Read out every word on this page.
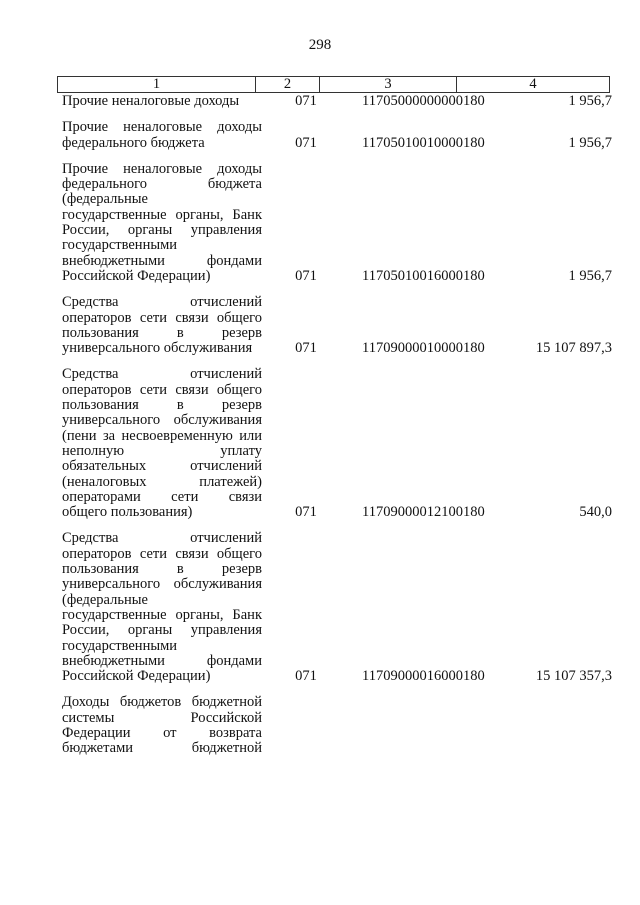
298
1	2	3	4
Прочие неналоговые доходы	071	11705000000000180	1 956,7
Прочие неналоговые доходы
федерального бюджета	071	11705010010000180	1 956,7
Прочие неналоговые доходы
федерального бюджета
(федеральные
государственные органы, Банк
России, органы управления
государственными
внебюджетными фондами
Российской Федерации)	071	11705010016000180	1 956,7
Средства отчислений
операторов сети связи общего
пользования в резерв
универсального обслуживания	071	11709000010000180	15 107 897,3
Средства отчислений
операторов сети связи общего
пользования в резерв
универсального обслуживания
(пени за несвоевременную или
неполную уплату
обязательных отчислений
(неналоговых платежей)
операторами сети связи
общего пользования)	071	11709000012100180	540,0
Средства отчислений
операторов сети связи общего
пользования в резерв
универсального обслуживания
(федеральные
государственные органы, Банк
России, органы управления
государственными
внебюджетными фондами
Российской Федерации)	071	11709000016000180	15 107 357,3
Доходы бюджетов бюджетной
системы Российской
Федерации от возврата
бюджетами бюджетной
